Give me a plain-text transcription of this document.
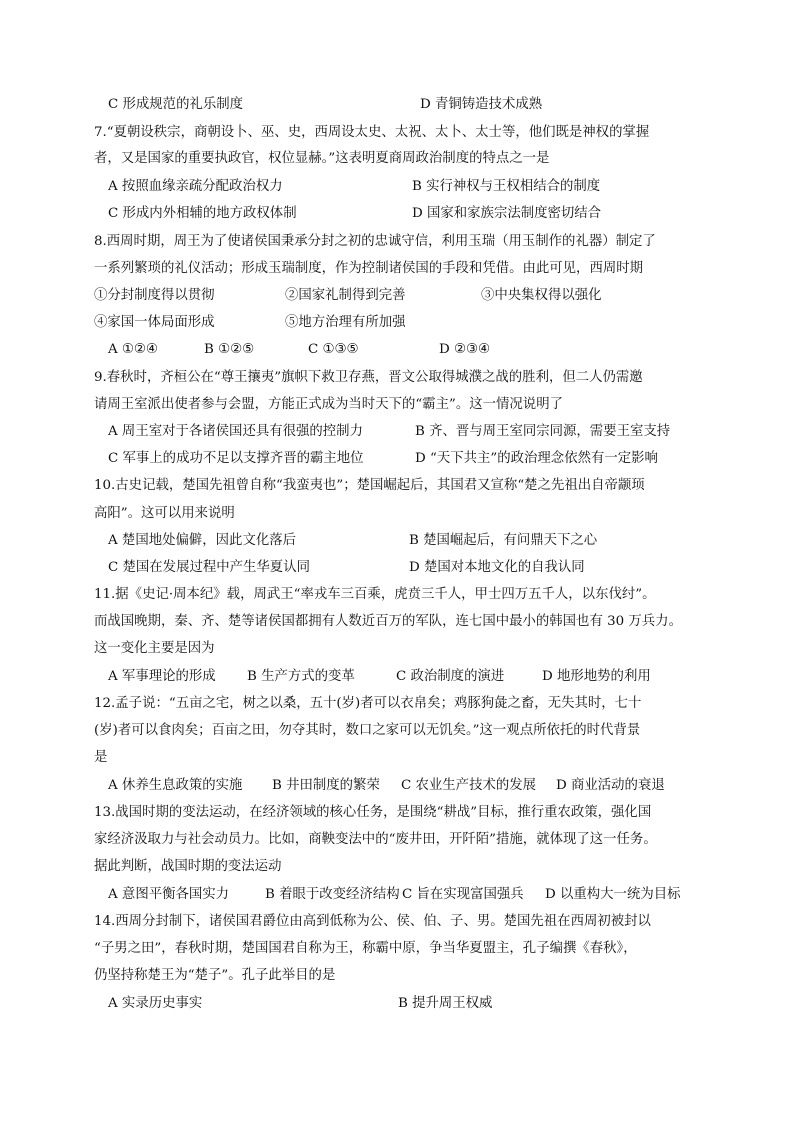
C 形成规范的礼乐制度	D 青铜铸造技术成熟
7.“夏朝设秩宗，商朝设卜、巫、史，西周设太史、太祝、太卜、太士等，他们既是神权的掌握
者，又是国家的重要执政官，权位显赫。”这表明夏商周政治制度的特点之一是
A 按照血缘亲疏分配政治权力	B 实行神权与王权相结合的制度
C 形成内外相辅的地方政权体制	D 国家和家族宗法制度密切结合
8.西周时期，周王为了使诸侯国秉承分封之初的忠诚守信，利用玉瑞（用玉制作的礼器）制定了
一系列繁琐的礼仪活动；形成玉瑞制度，作为控制诸侯国的手段和凭借。由此可见，西周时期
①分封制度得以贯彻	②国家礼制得到完善	③中央集权得以强化
④家国一体局面形成	⑤地方治理有所加强
A ①②④	B ①②⑤	C ①③⑤	D ②③④
9.春秋时，齐桓公在“尊王攘夷”旗帜下救卫存燕，晋文公取得城濮之战的胜利，但二人仍需邀
请周王室派出使者参与会盟，方能正式成为当时天下的“霸主”。这一情况说明了
A 周王室对于各诸侯国还具有很强的控制力	B 齐、晋与周王室同宗同源，需要王室支持
C 军事上的成功不足以支撑齐晋的霸主地位	D “天下共主”的政治理念依然有一定影响
10.古史记载，楚国先祖曾自称“我蛮夷也”；楚国崛起后，其国君又宣称“楚之先祖出自帝颛顼
高阳”。这可以用来说明
A 楚国地处偏僻，因此文化落后	B 楚国崛起后，有问鼎天下之心
C 楚国在发展过程中产生华夏认同	D 楚国对本地文化的自我认同
11.据《史记·周本纪》载，周武王“率戎车三百乘，虎贲三千人，甲士四万五千人，以东伐纣”。
而战国晚期，秦、齐、楚等诸侯国都拥有人数近百万的军队，连七国中最小的韩国也有 30 万兵力。
这一变化主要是因为
A 军事理论的形成 B 生产方式的变革	C 政治制度的演进	D 地形地势的利用
12.孟子说：“五亩之宅，树之以桑，五十(岁)者可以衣帛矣；鸡豚狗彘之畜，无失其时，七十
(岁)者可以食肉矣；百亩之田，勿夺其时，数口之家可以无饥矣。”这一观点所依托的时代背景
是
A 休养生息政策的实施 B 井田制度的繁荣 C 农业生产技术的发展 D 商业活动的衰退
13.战国时期的变法运动，在经济领域的核心任务，是围绕“耕战”目标，推行重农政策，强化国
家经济汲取力与社会动员力。比如，商鞅变法中的“废井田，开阡陌”措施，就体现了这一任务。
据此判断，战国时期的变法运动
A 意图平衡各国实力	B 着眼于改变经济结构 C 旨在实现富国强兵 D 以重构大一统为目标
14.西周分封制下，诸侯国君爵位由高到低称为公、侯、伯、子、男。楚国先祖在西周初被封以
“子男之田”，春秋时期，楚国国君自称为王，称霸中原，争当华夏盟主，孔子编撰《春秋》，
仍坚持称楚王为“楚子”。孔子此举目的是
A 实录历史事实	B 提升周王权威
